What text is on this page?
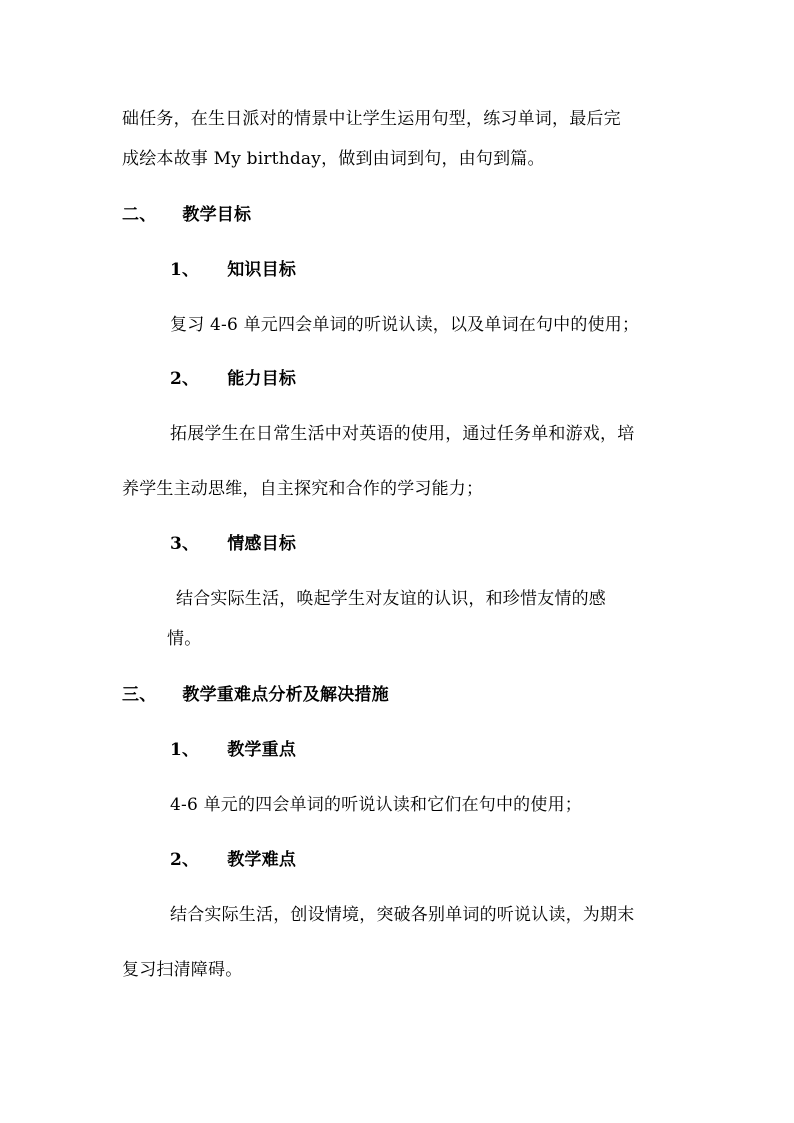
础任务，在生日派对的情景中让学生运用句型，练习单词，最后完
成绘本故事 My birthday，做到由词到句，由句到篇。
二、 教学目标
1、 知识目标
复习 4-6 单元四会单词的听说认读，以及单词在句中的使用；
2、 能力目标
拓展学生在日常生活中对英语的使用，通过任务单和游戏，培
养学生主动思维，自主探究和合作的学习能力；
3、 情感目标
结合实际生活，唤起学生对友谊的认识，和珍惜友情的感
情。
三、 教学重难点分析及解决措施
1、 教学重点
4-6 单元的四会单词的听说认读和它们在句中的使用；
2、 教学难点
结合实际生活，创设情境，突破各别单词的听说认读，为期末
复习扫清障碍。
